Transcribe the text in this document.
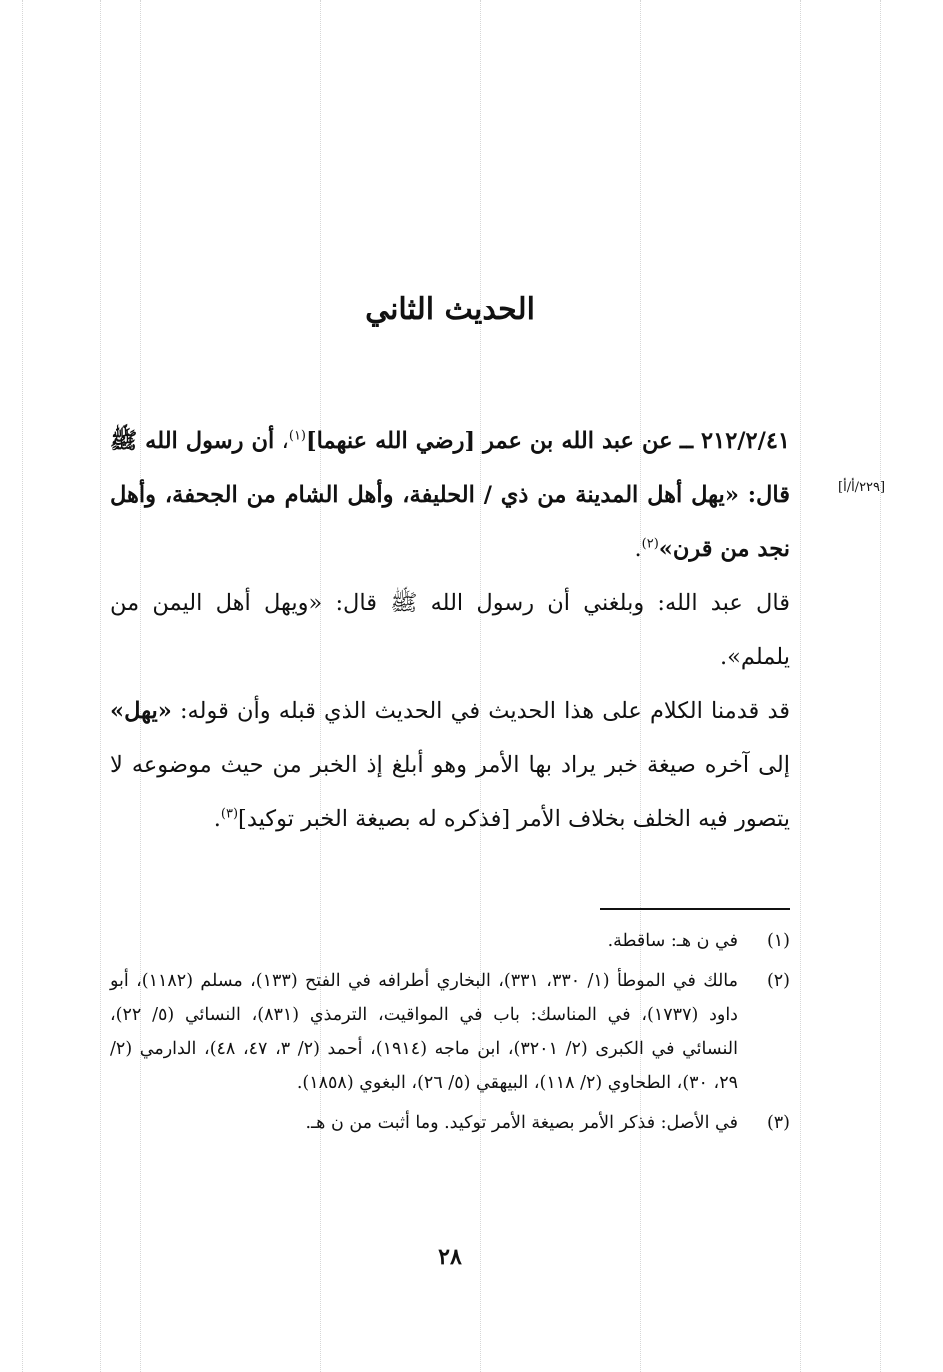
الحديث الثاني
[٢٢٩/أ/أ]
٢١٢/٢/٤١ ــ عن عبد الله بن عمر [رضي الله عنهما]$^{(١)}$، أن رسول الله ﷺ قال: «يهل أهل المدينة من ذي / الحليفة، وأهل الشام من الجحفة، وأهل نجد من قرن»$^{(٢)}$.
قال عبد الله: وبلغني أن رسول الله ﷺ قال: «ويهل أهل اليمن من يلملم».
قد قدمنا الكلام على هذا الحديث في الحديث الذي قبله وأن قوله: «يهل» إلى آخره صيغة خبر يراد بها الأمر وهو أبلغ إذ الخبر من حيث موضوعه لا يتصور فيه الخلف بخلاف الأمر [فذكره له بصيغة الخبر توكيد]$^{(٣)}$.
(١)
في ن هـ: ساقطة.
(٢)
مالك في الموطأ (١/ ٣٣٠، ٣٣١)، البخاري أطرافه في الفتح (١٣٣)، مسلم (١١٨٢)، أبو داود (١٧٣٧)، في المناسك: باب في المواقيت، الترمذي (٨٣١)، النسائي (٥/ ٢٢)، النسائي في الكبرى (٢/ ٣٢٠١)، ابن ماجه (١٩١٤)، أحمد (٢/ ٣، ٤٧، ٤٨)، الدارمي (٢/ ٢٩، ٣٠)، الطحاوي (٢/ ١١٨)، البيهقي (٥/ ٢٦)، البغوي (١٨٥٨).
(٣)
في الأصل: فذكر الأمر بصيغة الأمر توكيد. وما أثبت من ن هـ.
٢٨
